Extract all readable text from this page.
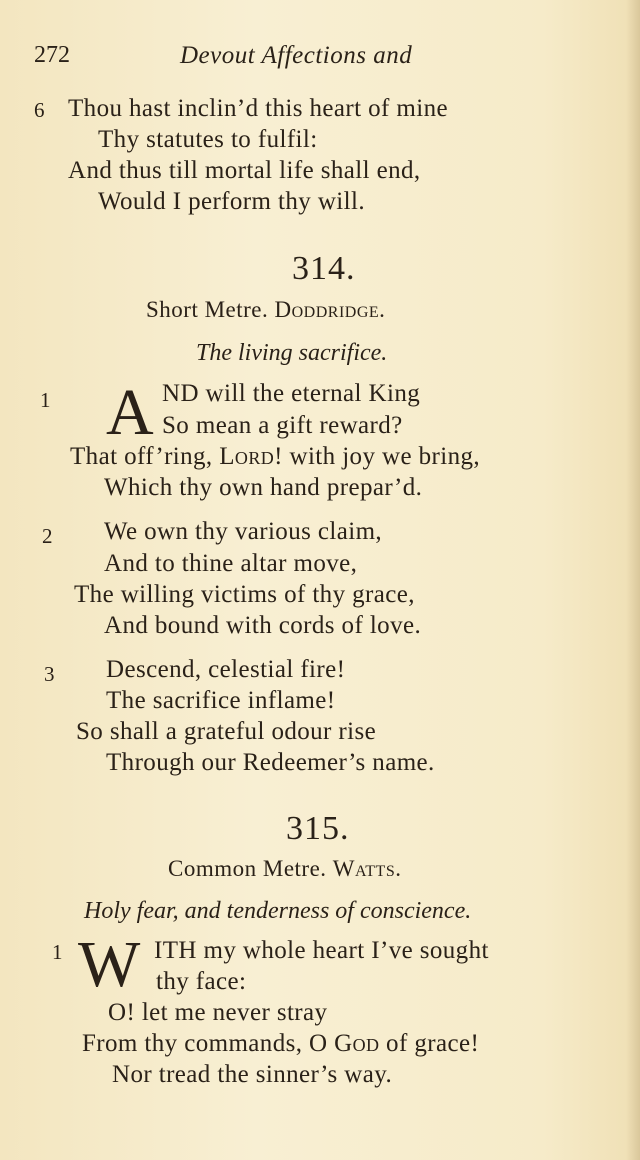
272	Devout Affections and
6 Thou hast inclin’d this heart of mine
Thy statutes to fulfil:
And thus till mortal life shall end,
Would I perform thy will.
314.
Short Metre. Doddridge.
The living sacrifice.
1 A ND will the eternal King
So mean a gift reward?
That off’ring, Lord! with joy we bring,
Which thy own hand prepar’d.
2 We own thy various claim,
And to thine altar move,
The willing victims of thy grace,
And bound with cords of love.
3 Descend, celestial fire!
The sacrifice inflame!
So shall a grateful odour rise
Through our Redeemer’s name.
315.
Common Metre. Watts.
Holy fear, and tenderness of conscience.
1 W ITH my whole heart I’ve sought
thy face:
O! let me never stray
From thy commands, O God of grace!
Nor tread the sinner’s way.
